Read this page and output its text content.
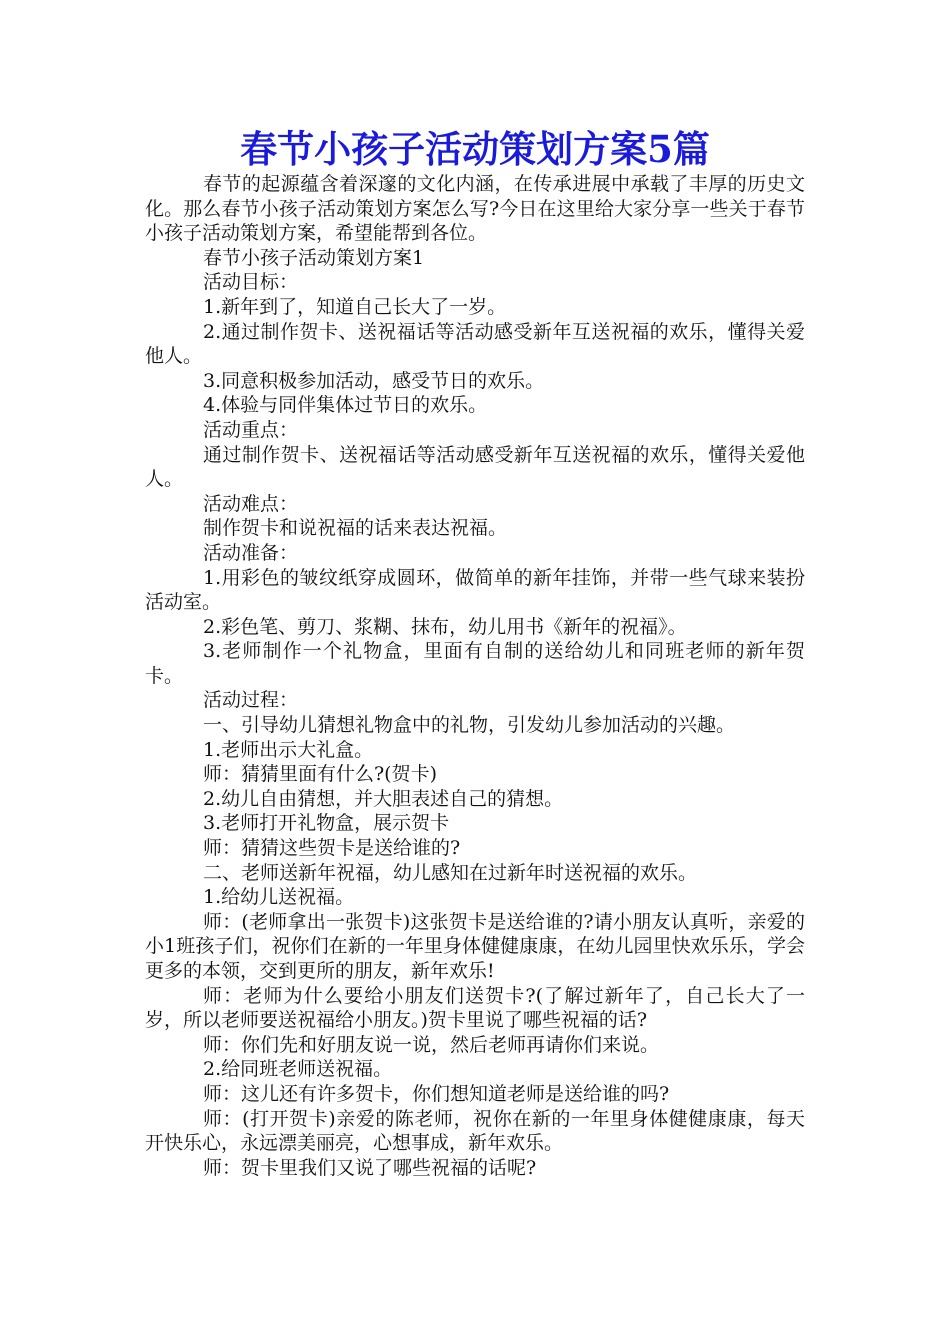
春节小孩子活动策划方案5篇

春节的起源蕴含着深邃的文化内涵，在传承进展中承载了丰厚的历史文化。那么春节小孩子活动策划方案怎么写?今日在这里给大家分享一些关于春节小孩子活动策划方案，希望能帮到各位。

春节小孩子活动策划方案1

活动目标：

1.新年到了，知道自己长大了一岁。

2.通过制作贺卡、送祝福话等活动感受新年互送祝福的欢乐，懂得关爱他人。

3.同意积极参加活动，感受节日的欢乐。

4.体验与同伴集体过节日的欢乐。

活动重点：

通过制作贺卡、送祝福话等活动感受新年互送祝福的欢乐，懂得关爱他人。

活动难点：

制作贺卡和说祝福的话来表达祝福。

活动准备：

1.用彩色的皱纹纸穿成圆环，做简单的新年挂饰，并带一些气球来装扮活动室。

2.彩色笔、剪刀、浆糊、抹布，幼儿用书《新年的祝福》。

3.老师制作一个礼物盒，里面有自制的送给幼儿和同班老师的新年贺卡。

活动过程：

一、引导幼儿猜想礼物盒中的礼物，引发幼儿参加活动的兴趣。

1.老师出示大礼盒。

师：猜猜里面有什么?(贺卡)

2.幼儿自由猜想，并大胆表述自己的猜想。

3.老师打开礼物盒，展示贺卡

师：猜猜这些贺卡是送给谁的?

二、老师送新年祝福，幼儿感知在过新年时送祝福的欢乐。

1.给幼儿送祝福。

师：(老师拿出一张贺卡)这张贺卡是送给谁的?请小朋友认真听，亲爱的小1班孩子们，祝你们在新的一年里身体健健康康，在幼儿园里快欢乐乐，学会更多的本领，交到更所的朋友，新年欢乐!

师：老师为什么要给小朋友们送贺卡?(了解过新年了，自己长大了一岁，所以老师要送祝福给小朋友。)贺卡里说了哪些祝福的话?

师：你们先和好朋友说一说，然后老师再请你们来说。

2.给同班老师送祝福。

师：这儿还有许多贺卡，你们想知道老师是送给谁的吗?

师：(打开贺卡)亲爱的陈老师，祝你在新的一年里身体健健康康，每天开快乐心，永远漂美丽亮，心想事成，新年欢乐。

师：贺卡里我们又说了哪些祝福的话呢?
